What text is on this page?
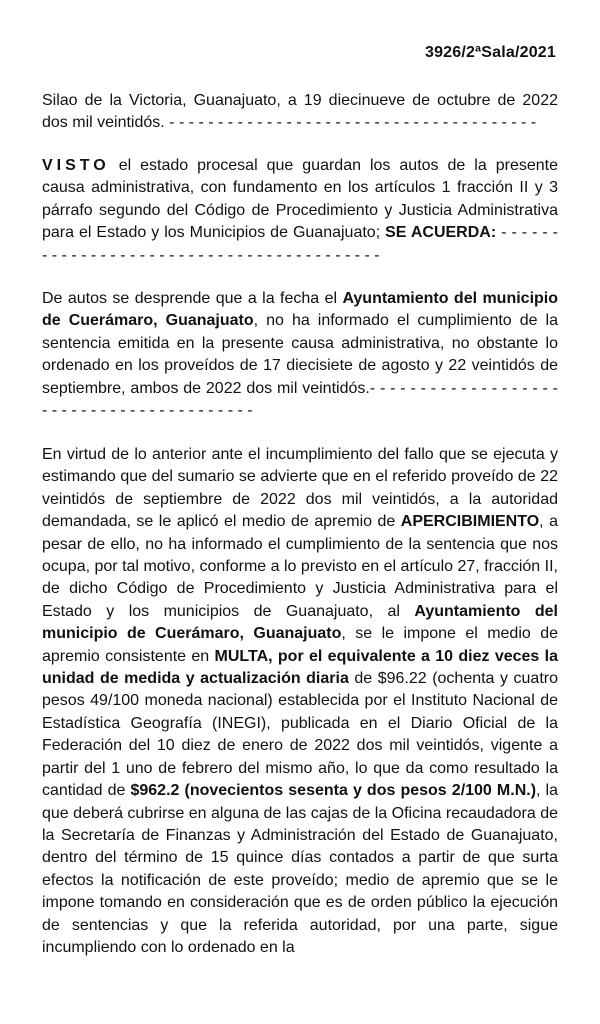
3926/2ªSala/2021

Silao de la Victoria, Guanajuato, a 19 diecinueve de octubre de 2022 dos mil veintidós. - - - - - - - - - - - - - - - - - - - - - - - - - - - - - - - - - - - - - -

VISTO el estado procesal que guardan los autos de la presente causa administrativa, con fundamento en los artículos 1 fracción II y 3 párrafo segundo del Código de Procedimiento y Justicia Administrativa para el Estado y los Municipios de Guanajuato; SE ACUERDA: - - - - - - - - - - - - - - - - - - - - - - - - - - - - - - - - - - - - - - - - -

De autos se desprende que a la fecha el Ayuntamiento del municipio de Cuerámaro, Guanajuato, no ha informado el cumplimiento de la sentencia emitida en la presente causa administrativa, no obstante lo ordenado en los proveídos de 17 diecisiete de agosto y 22 veintidós de septiembre, ambos de 2022 dos mil veintidós.- - - - - - - - - - - - - - - - - - - - - - - - - - - - - - - - - - - - - - - - -

En virtud de lo anterior ante el incumplimiento del fallo que se ejecuta y estimando que del sumario se advierte que en el referido proveído de 22 veintidós de septiembre de 2022 dos mil veintidós, a la autoridad demandada, se le aplicó el medio de apremio de APERCIBIMIENTO, a pesar de ello, no ha informado el cumplimiento de la sentencia que nos ocupa, por tal motivo, conforme a lo previsto en el artículo 27, fracción II, de dicho Código de Procedimiento y Justicia Administrativa para el Estado y los municipios de Guanajuato, al Ayuntamiento del municipio de Cuerámaro, Guanajuato, se le impone el medio de apremio consistente en MULTA, por el equivalente a 10 diez veces la unidad de medida y actualización diaria de $96.22 (ochenta y cuatro pesos 49/100 moneda nacional) establecida por el Instituto Nacional de Estadística Geografía (INEGI), publicada en el Diario Oficial de la Federación del 10 diez de enero de 2022 dos mil veintidós, vigente a partir del 1 uno de febrero del mismo año, lo que da como resultado la cantidad de $962.2 (novecientos sesenta y dos pesos 2/100 M.N.), la que deberá cubrirse en alguna de las cajas de la Oficina recaudadora de la Secretaría de Finanzas y Administración del Estado de Guanajuato, dentro del término de 15 quince días contados a partir de que surta efectos la notificación de este proveído; medio de apremio que se le impone tomando en consideración que es de orden público la ejecución de sentencias y que la referida autoridad, por una parte, sigue incumpliendo con lo ordenado en la
